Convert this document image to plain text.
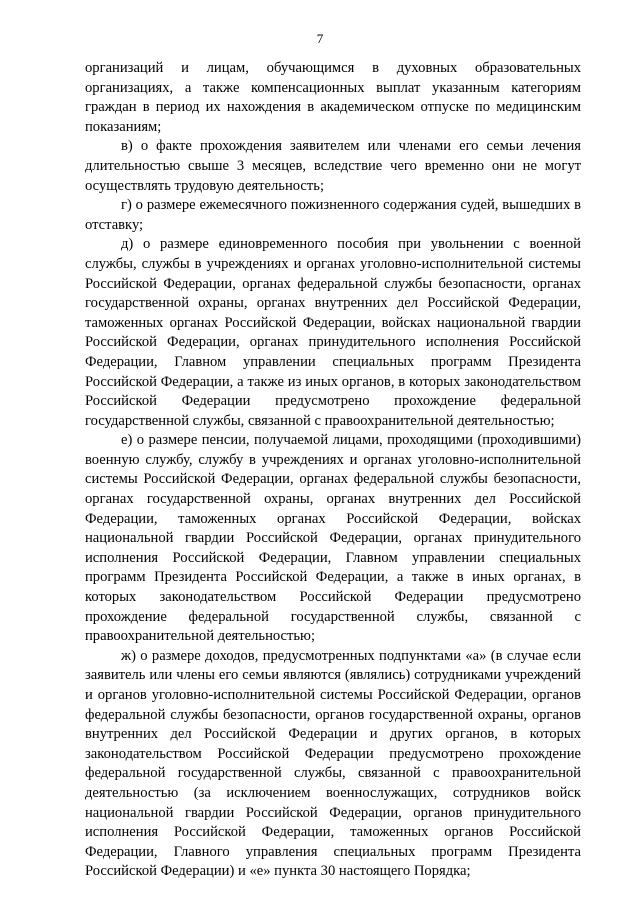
7

организаций и лицам, обучающимся в духовных образовательных организациях, а также компенсационных выплат указанным категориям граждан в период их нахождения в академическом отпуске по медицинским показаниям;

в) о факте прохождения заявителем или членами его семьи лечения длительностью свыше 3 месяцев, вследствие чего временно они не могут осуществлять трудовую деятельность;

г) о размере ежемесячного пожизненного содержания судей, вышедших в отставку;

д) о размере единовременного пособия при увольнении с военной службы, службы в учреждениях и органах уголовно-исполнительной системы Российской Федерации, органах федеральной службы безопасности, органах государственной охраны, органах внутренних дел Российской Федерации, таможенных органах Российской Федерации, войсках национальной гвардии Российской Федерации, органах принудительного исполнения Российской Федерации, Главном управлении специальных программ Президента Российской Федерации, а также из иных органов, в которых законодательством Российской Федерации предусмотрено прохождение федеральной государственной службы, связанной с правоохранительной деятельностью;

е) о размере пенсии, получаемой лицами, проходящими (проходившими) военную службу, службу в учреждениях и органах уголовно-исполнительной системы Российской Федерации, органах федеральной службы безопасности, органах государственной охраны, органах внутренних дел Российской Федерации, таможенных органах Российской Федерации, войсках национальной гвардии Российской Федерации, органах принудительного исполнения Российской Федерации, Главном управлении специальных программ Президента Российской Федерации, а также в иных органах, в которых законодательством Российской Федерации предусмотрено прохождение федеральной государственной службы, связанной с правоохранительной деятельностью;

ж) о размере доходов, предусмотренных подпунктами «а» (в случае если заявитель или члены его семьи являются (являлись) сотрудниками учреждений и органов уголовно-исполнительной системы Российской Федерации, органов федеральной службы безопасности, органов государственной охраны, органов внутренних дел Российской Федерации и других органов, в которых законодательством Российской Федерации предусмотрено прохождение федеральной государственной службы, связанной с правоохранительной деятельностью (за исключением военнослужащих, сотрудников войск национальной гвардии Российской Федерации, органов принудительного исполнения Российской Федерации, таможенных органов Российской Федерации, Главного управления специальных программ Президента Российской Федерации) и «е» пункта 30 настоящего Порядка;
